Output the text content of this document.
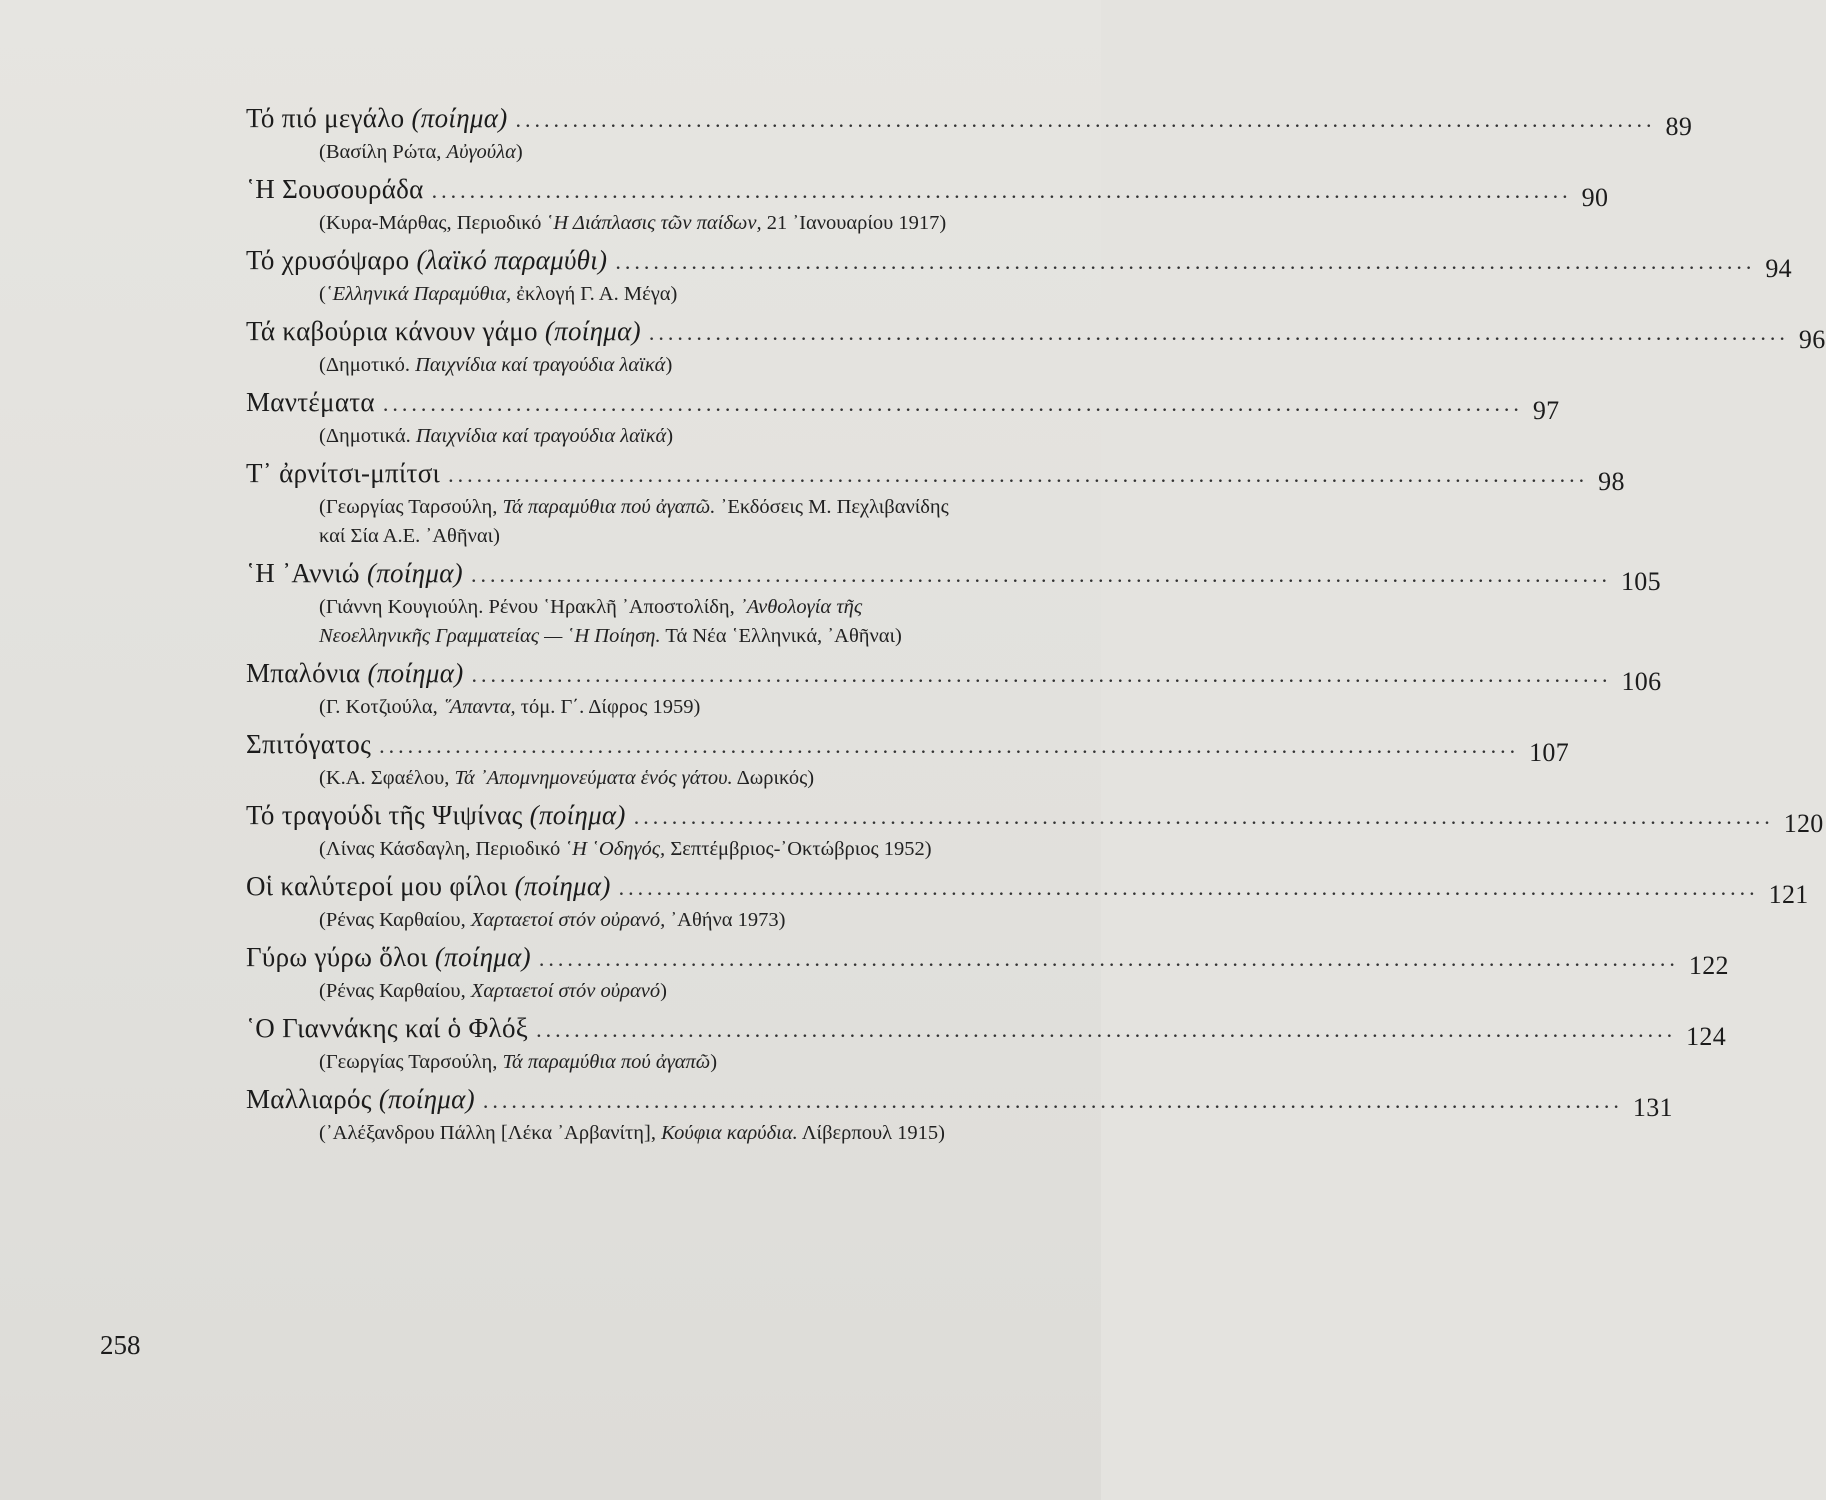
Τό πιό μεγάλο (ποίημα) ........................................................................................................................ 89
(Βασίλη Ρώτα, Αὐγούλα)
῾Η Σουσουράδα ........................................................................................................................ 90
(Κυρα-Μάρθας, Περιοδικό ῾Η Διάπλασις τῶν παίδων, 21 ᾿Ιανουαρίου 1917)
Τό χρυσόψαρο (λαϊκό παραμύθι) ........................................................................................................................ 94
(῾Ελληνικά Παραμύθια, ἐκλογή Γ. Α. Μέγα)
Τά καβούρια κάνουν γάμο (ποίημα) ........................................................................................................................ 96
(Δημοτικό. Παιχνίδια καί τραγούδια λαϊκά)
Μαντέματα ........................................................................................................................ 97
(Δημοτικά. Παιχνίδια καί τραγούδια λαϊκά)
Τ᾿ ἀρνίτσι-μπίτσι ........................................................................................................................ 98
(Γεωργίας Ταρσούλη, Τά παραμύθια πού ἀγαπῶ. ᾿Εκδόσεις Μ. Πεχλιβανίδης καί Σία Α.Ε. ᾿Αθῆναι)
῾Η ᾿Αννιώ (ποίημα) ........................................................................................................................ 105
(Γιάννη Κουγιούλη. Ρένου ῾Ηρακλῆ ᾿Αποστολίδη, ᾿Ανθολογία τῆς Νεοελληνικῆς Γραμματείας — ῾Η Ποίηση. Τά Νέα ῾Ελληνικά, ᾿Αθῆναι)
Μπαλόνια (ποίημα) ........................................................................................................................ 106
(Γ. Κοτζιούλα, ῞Απαντα, τόμ. Γ΄. Δίφρος 1959)
Σπιτόγατος ........................................................................................................................ 107
(Κ.Α. Σφαέλου, Τά ᾿Απομνημονεύματα ἑνός γάτου. Δωρικός)
Τό τραγούδι τῆς Ψιψίνας (ποίημα) ........................................................................................................................ 120
(Λίνας Κάσδαγλη, Περιοδικό ῾Η ῾Οδηγός, Σεπτέμβριος-᾿Οκτώβριος 1952)
Οἱ καλύτεροί μου φίλοι (ποίημα) ........................................................................................................................ 121
(Ρένας Καρθαίου, Χαρταετοί στόν οὐρανό, ᾿Αθήνα 1973)
Γύρω γύρω ὅλοι (ποίημα) ........................................................................................................................ 122
(Ρένας Καρθαίου, Χαρταετοί στόν οὐρανό)
῾Ο Γιαννάκης καί ὁ Φλόξ ........................................................................................................................ 124
(Γεωργίας Ταρσούλη, Τά παραμύθια πού ἀγαπῶ)
Μαλλιαρός (ποίημα) ........................................................................................................................ 131
(᾿Αλέξανδρου Πάλλη [Λέκα ᾿Αρβανίτη], Κούφια καρύδια. Λίβερπουλ 1915)
258
